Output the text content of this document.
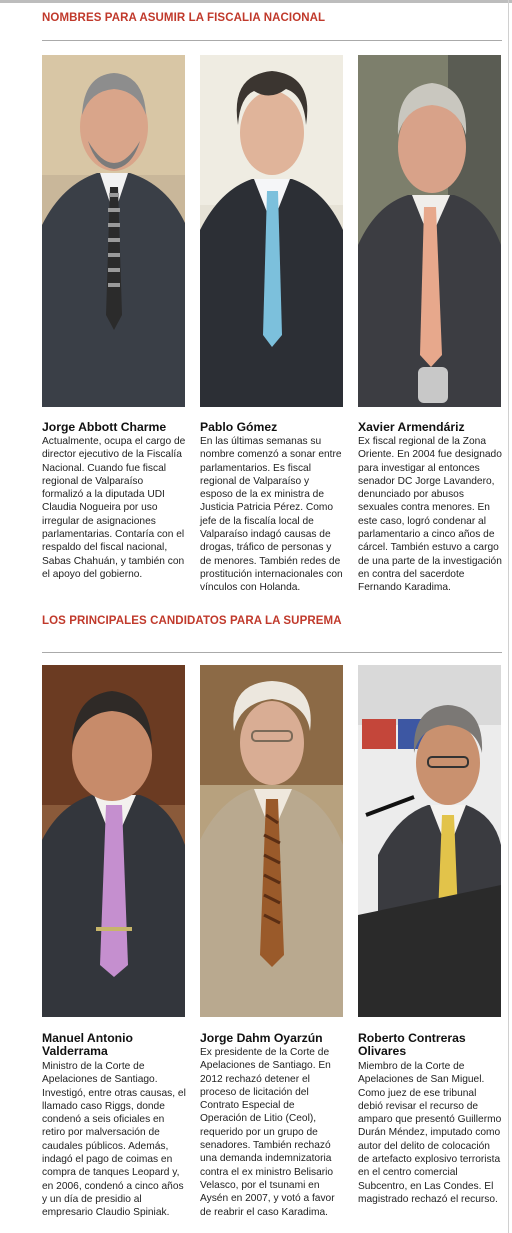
NOMBRES PARA ASUMIR LA FISCALIA NACIONAL
Jorge Abbott Charme
Actualmente, ocupa el cargo de director ejecutivo de la Fiscalía Nacional. Cuando fue fiscal regional de Valparaíso formalizó a la diputada UDI Claudia Nogueira por uso irregular de asignaciones parlamentarias. Contaría con el respaldo del fiscal nacional, Sabas Chahuán, y también con el apoyo del gobierno.
Pablo Gómez
En las últimas semanas su nombre comenzó a sonar entre parlamentarios. Es fiscal regional de Valparaíso y esposo de la ex ministra de Justicia Patricia Pérez. Como jefe de la fiscalía local de Valparaíso indagó causas de drogas, tráfico de personas y de menores. También redes de prostitución internacionales con vínculos con Holanda.
Xavier Armendáriz
Ex fiscal regional de la Zona Oriente. En 2004 fue designado para investigar al entonces senador DC Jorge Lavandero, denunciado por abusos sexuales contra menores. En este caso, logró condenar al parlamentario a cinco años de cárcel. También estuvo a cargo de una parte de la investigación en contra del sacerdote Fernando Karadima.
LOS PRINCIPALES CANDIDATOS PARA LA SUPREMA
Manuel Antonio Valderrama
Ministro de la Corte de Apelaciones de Santiago. Investigó, entre otras causas, el llamado caso Riggs, donde condenó a seis oficiales en retiro por malversación de caudales públicos. Además, indagó el pago de coimas en compra de tanques Leopard y, en 2006, condenó a cinco años y un día de presidio al empresario Claudio Spiniak.
Jorge Dahm Oyarzún
Ex presidente de la Corte de Apelaciones de Santiago. En 2012 rechazó detener el proceso de licitación del Contrato Especial de Operación de Litio (Ceol), requerido por un grupo de senadores. También rechazó una demanda indemnizatoria contra el ex ministro Belisario Velasco, por el tsunami en Aysén en 2007, y votó a favor de reabrir el caso Karadima.
Roberto Contreras Olivares
Miembro de la Corte de Apelaciones de San Miguel. Como juez de ese tribunal debió revisar el recurso de amparo que presentó Guillermo Durán Méndez, imputado como autor del delito de colocación de artefacto explosivo terrorista en el centro comercial Subcentro, en Las Condes. El magistrado rechazó el recurso.
